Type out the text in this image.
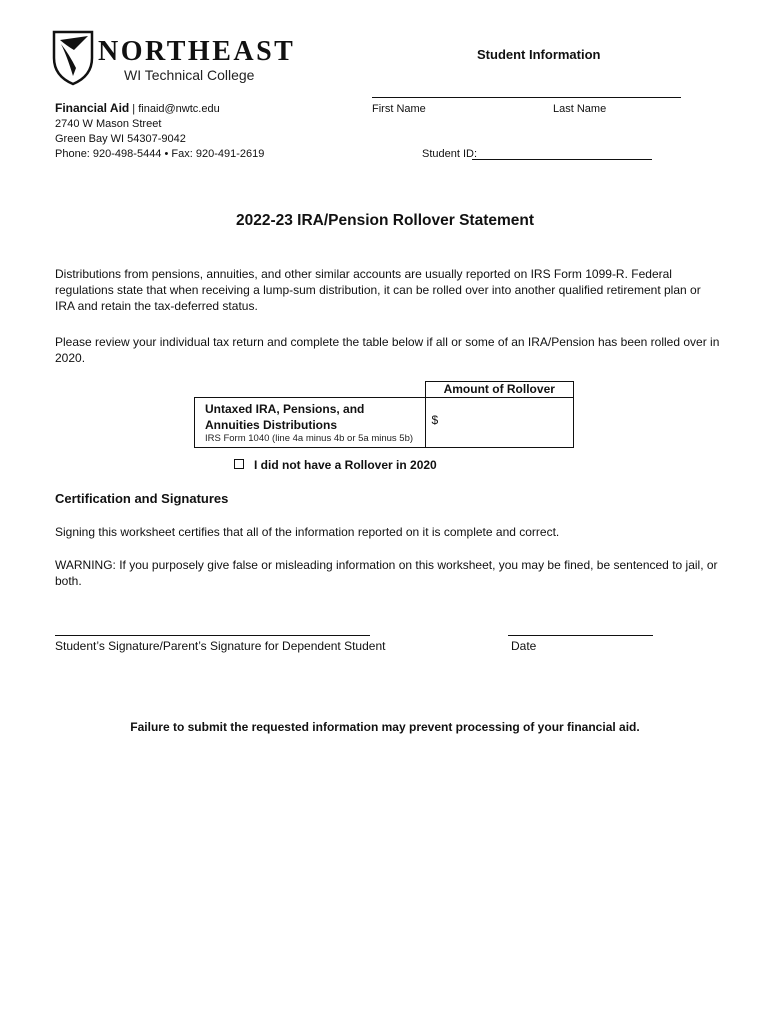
NORTHEAST
WI Technical College
Financial Aid | finaid@nwtc.edu
2740 W Mason Street
Green Bay WI 54307-9042
Phone: 920-498-5444 • Fax: 920-491-2619
Student Information
First Name	Last Name
Student ID:
2022-23 IRA/Pension Rollover Statement
Distributions from pensions, annuities, and other similar accounts are usually reported on IRS Form 1099-R. Federal regulations state that when receiving a lump-sum distribution, it can be rolled over into another qualified retirement plan or IRA and retain the tax-deferred status.
Please review your individual tax return and complete the table below if all or some of an IRA/Pension has been rolled over in 2020.
	Amount of Rollover

Untaxed IRA, Pensions, and Annuities Distributions
IRS Form 1040 (line 4a minus 4b or 5a minus 5b)	$
I did not have a Rollover in 2020
Certification and Signatures
Signing this worksheet certifies that all of the information reported on it is complete and correct.
WARNING: If you purposely give false or misleading information on this worksheet, you may be fined, be sentenced to jail, or both.
Student’s Signature/Parent’s Signature for Dependent Student	Date
Failure to submit the requested information may prevent processing of your financial aid.
